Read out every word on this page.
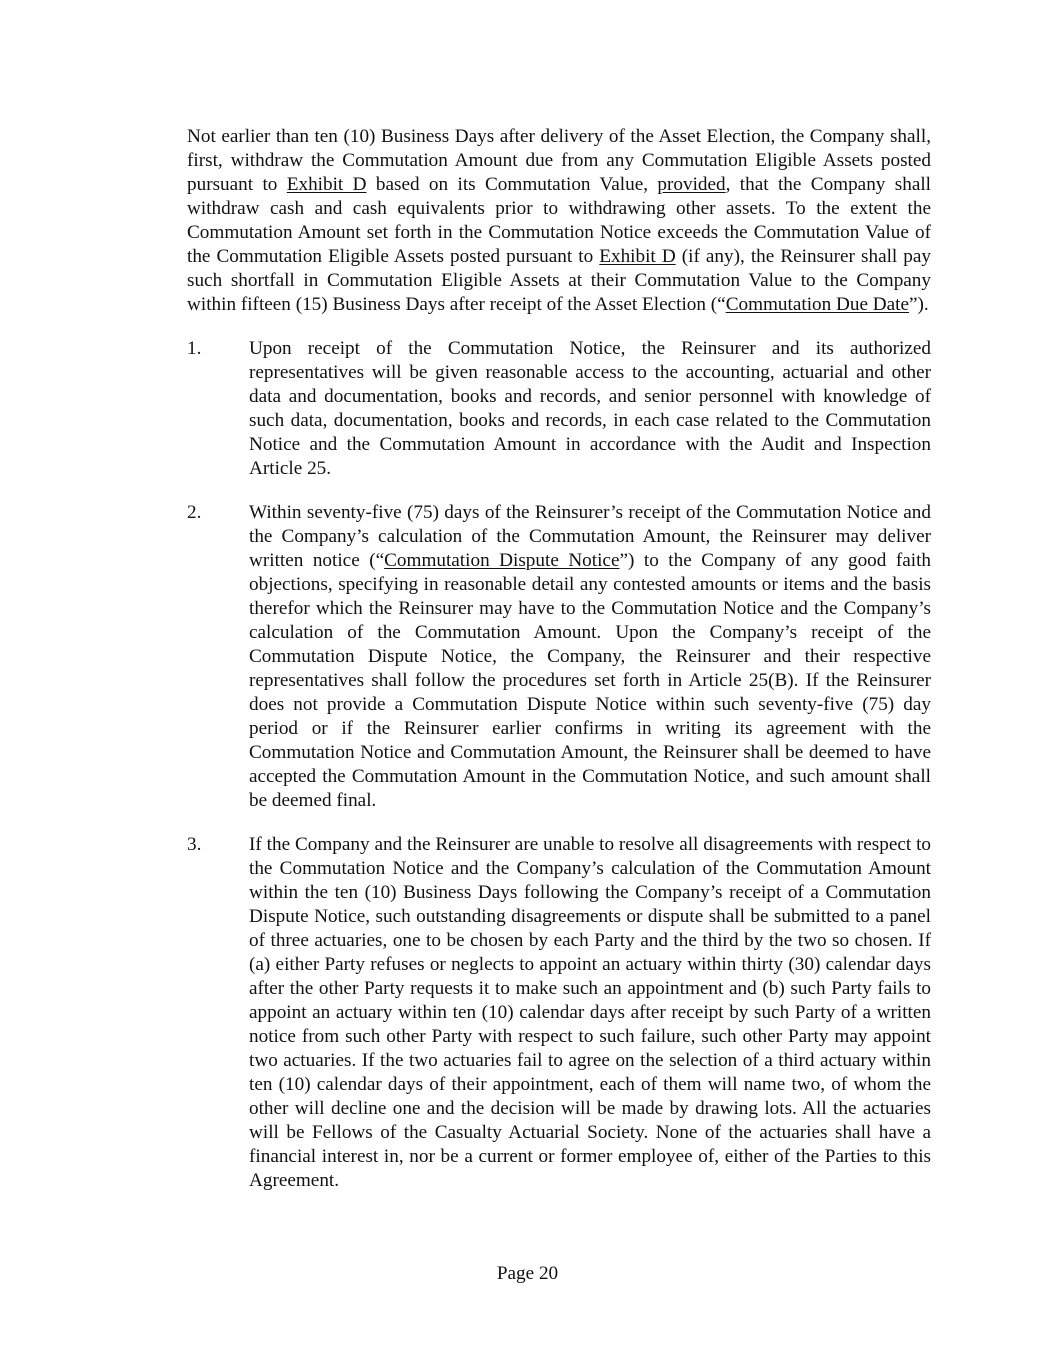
Not earlier than ten (10) Business Days after delivery of the Asset Election, the Company shall, first, withdraw the Commutation Amount due from any Commutation Eligible Assets posted pursuant to Exhibit D based on its Commutation Value, provided, that the Company shall withdraw cash and cash equivalents prior to withdrawing other assets. To the extent the Commutation Amount set forth in the Commutation Notice exceeds the Commutation Value of the Commutation Eligible Assets posted pursuant to Exhibit D (if any), the Reinsurer shall pay such shortfall in Commutation Eligible Assets at their Commutation Value to the Company within fifteen (15) Business Days after receipt of the Asset Election (“Commutation Due Date”).

1.	Upon receipt of the Commutation Notice, the Reinsurer and its authorized representatives will be given reasonable access to the accounting, actuarial and other data and documentation, books and records, and senior personnel with knowledge of such data, documentation, books and records, in each case related to the Commutation Notice and the Commutation Amount in accordance with the Audit and Inspection Article 25.
2.	Within seventy-five (75) days of the Reinsurer’s receipt of the Commutation Notice and the Company’s calculation of the Commutation Amount, the Reinsurer may deliver written notice (“Commutation Dispute Notice”) to the Company of any good faith objections, specifying in reasonable detail any contested amounts or items and the basis therefor which the Reinsurer may have to the Commutation Notice and the Company’s calculation of the Commutation Amount. Upon the Company’s receipt of the Commutation Dispute Notice, the Company, the Reinsurer and their respective representatives shall follow the procedures set forth in Article 25(B). If the Reinsurer does not provide a Commutation Dispute Notice within such seventy-five (75) day period or if the Reinsurer earlier confirms in writing its agreement with the Commutation Notice and Commutation Amount, the Reinsurer shall be deemed to have accepted the Commutation Amount in the Commutation Notice, and such amount shall be deemed final.
3.	If the Company and the Reinsurer are unable to resolve all disagreements with respect to the Commutation Notice and the Company’s calculation of the Commutation Amount within the ten (10) Business Days following the Company’s receipt of a Commutation Dispute Notice, such outstanding disagreements or dispute shall be submitted to a panel of three actuaries, one to be chosen by each Party and the third by the two so chosen. If (a) either Party refuses or neglects to appoint an actuary within thirty (30) calendar days after the other Party requests it to make such an appointment and (b) such Party fails to appoint an actuary within ten (10) calendar days after receipt by such Party of a written notice from such other Party with respect to such failure, such other Party may appoint two actuaries. If the two actuaries fail to agree on the selection of a third actuary within ten (10) calendar days of their appointment, each of them will name two, of whom the other will decline one and the decision will be made by drawing lots. All the actuaries will be Fellows of the Casualty Actuarial Society. None of the actuaries shall have a financial interest in, nor be a current or former employee of, either of the Parties to this Agreement.
Page 20
